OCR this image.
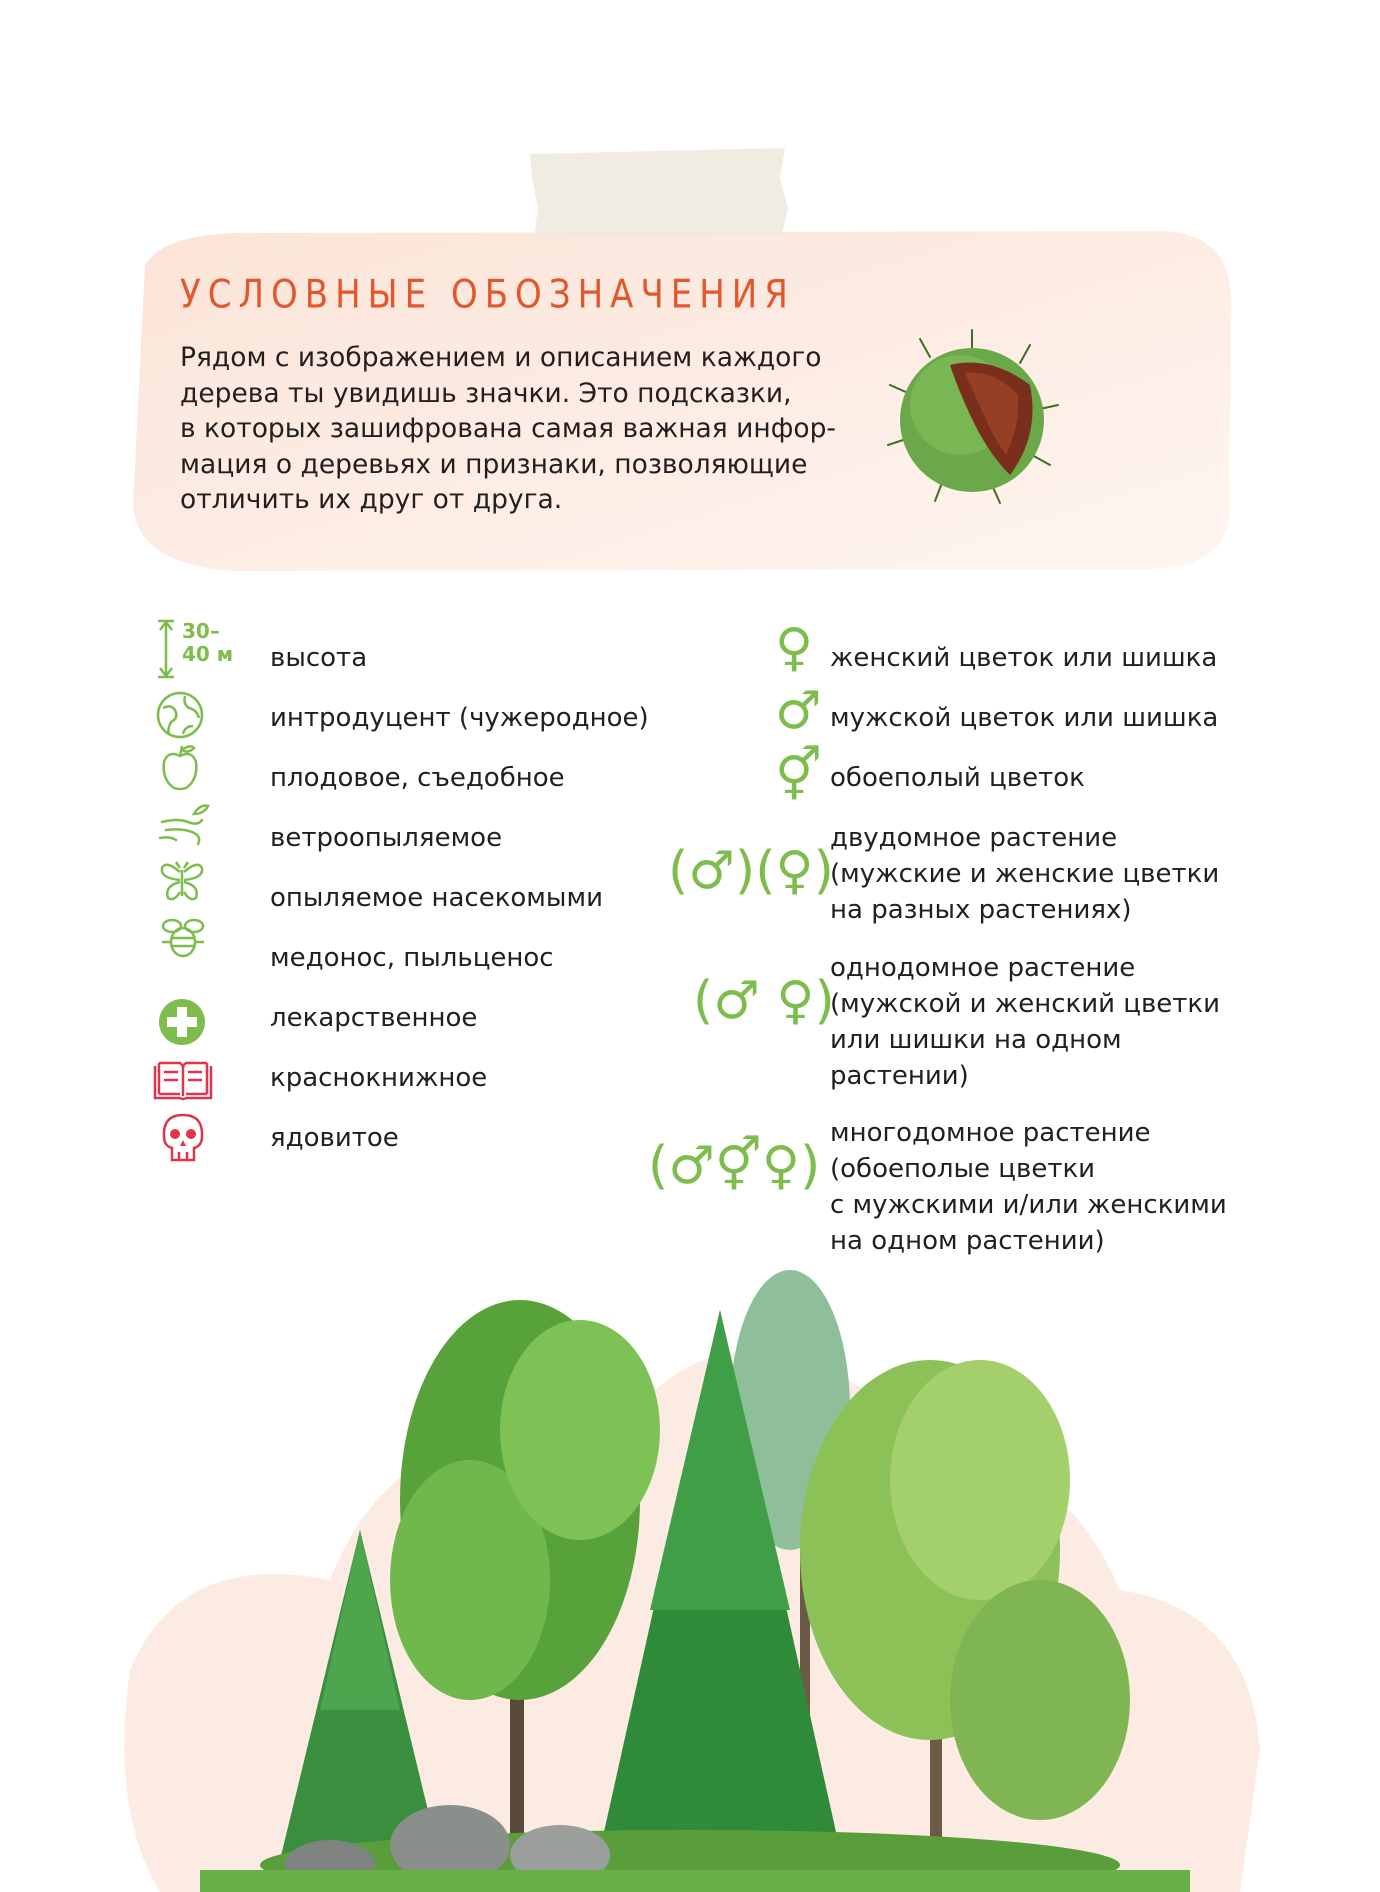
УСЛОВНЫЕ ОБОЗНАЧЕНИЯ
Рядом с изображением и описанием каждого
дерева ты увидишь значки. Это подсказки,
в которых зашифрована самая важная инфор-
мация о деревьях и признаки, позволяющие
отличить их друг от друга.
30–
40 м высота
интродуцент (чужеродное)
плодовое, съедобное
ветроопыляемое
опыляемое насекомыми
медонос, пыльценос
лекарственное
краснокнижное
ядовитое
♀
♂
⚥
(♂)(♀)
(♂ ♀)
(♂⚥♀)
женский цветок или шишка
мужской цветок или шишка
обоеполый цветок
двудомное растение
(мужские и женские цветки
на разных растениях)
однодомное растение
(мужской и женский цветки
или шишки на одном
растении)
многодомное растение
(обоеполые цветки
с мужскими и/или женскими
на одном растении)
